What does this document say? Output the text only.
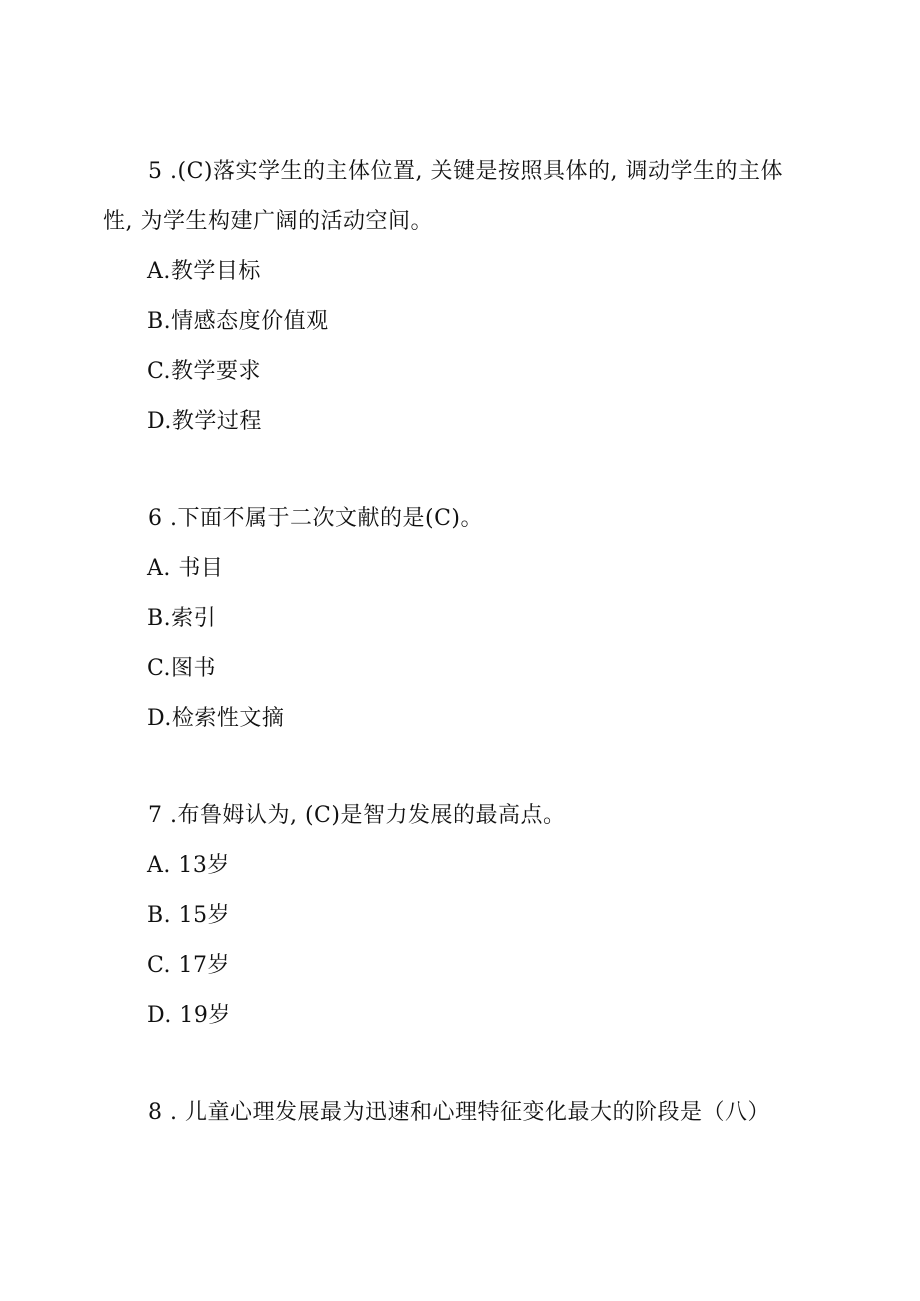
5 .(C)落实学生的主体位置, 关键是按照具体的, 调动学生的主体
性, 为学生构建广阔的活动空间。
A.教学目标
B.情感态度价值观
C.教学要求
D.教学过程
6 .下面不属于二次文献的是(C)。
A. 书目
B.索引
C.图书
D.检索性文摘
7 .布鲁姆认为, (C)是智力发展的最高点。
A. 13岁
B. 15岁
C. 17岁
D. 19岁
8 . 儿童心理发展最为迅速和心理特征变化最大的阶段是（八）
